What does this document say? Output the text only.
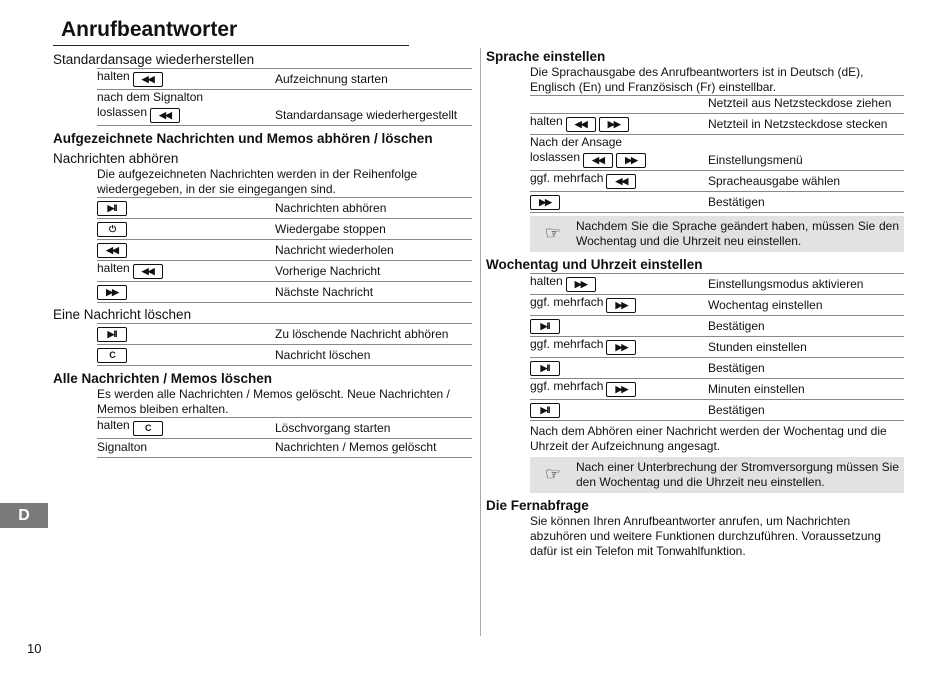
Anrufbeantworter
Standardansage wiederherstellen
halten ◀◀	Aufzeichnung starten
nach dem Signalton
loslassen ◀◀	Standardansage wiederhergestellt
Aufgezeichnete Nachrichten und Memos abhören / löschen
Nachrichten abhören
Die aufgezeichneten Nachrichten werden in der Reihenfolge wiedergegeben, in der sie eingegangen sind.
▶II	Nachrichten abhören
⏻	Wiedergabe stoppen
◀◀	Nachricht wiederholen
halten ◀◀	Vorherige Nachricht
▶▶	Nächste Nachricht
Eine Nachricht löschen
▶II	Zu löschende Nachricht abhören
C	Nachricht löschen
Alle Nachrichten / Memos löschen
Es werden alle Nachrichten / Memos gelöscht. Neue Nachrichten / Memos bleiben erhalten.
halten C	Löschvorgang starten
Signalton	Nachrichten / Memos gelöscht
Sprache einstellen
Die Sprachausgabe des Anrufbeantworters ist in Deutsch (dE), Englisch (En) und Französisch (Fr) einstellbar.
Netzteil aus Netzsteckdose ziehen
halten ◀◀ ▶▶	Netzteil in Netzsteckdose stecken
Nach der Ansage
loslassen ◀◀ ▶▶	Einstellungsmenü
ggf. mehrfach ◀◀	Spracheausgabe wählen
▶▶	Bestätigen
☞	Nachdem Sie die Sprache geändert haben, müssen Sie den Wochentag und die Uhrzeit neu einstellen.
Wochentag und Uhrzeit einstellen
halten ▶▶	Einstellungsmodus aktivieren
ggf. mehrfach ▶▶	Wochentag einstellen
▶II	Bestätigen
ggf. mehrfach ▶▶	Stunden einstellen
▶II	Bestätigen
ggf. mehrfach ▶▶	Minuten einstellen
▶II	Bestätigen
Nach dem Abhören einer Nachricht werden der Wochentag und die Uhrzeit der Aufzeichnung angesagt.
☞	Nach einer Unterbrechung der Stromversorgung müssen Sie den Wochentag und die Uhrzeit neu einstellen.
Die Fernabfrage
Sie können Ihren Anrufbeantworter anrufen, um Nachrichten abzuhören und weitere Funktionen durchzuführen. Voraussetzung dafür ist ein Telefon mit Tonwahlfunktion.
D
10
